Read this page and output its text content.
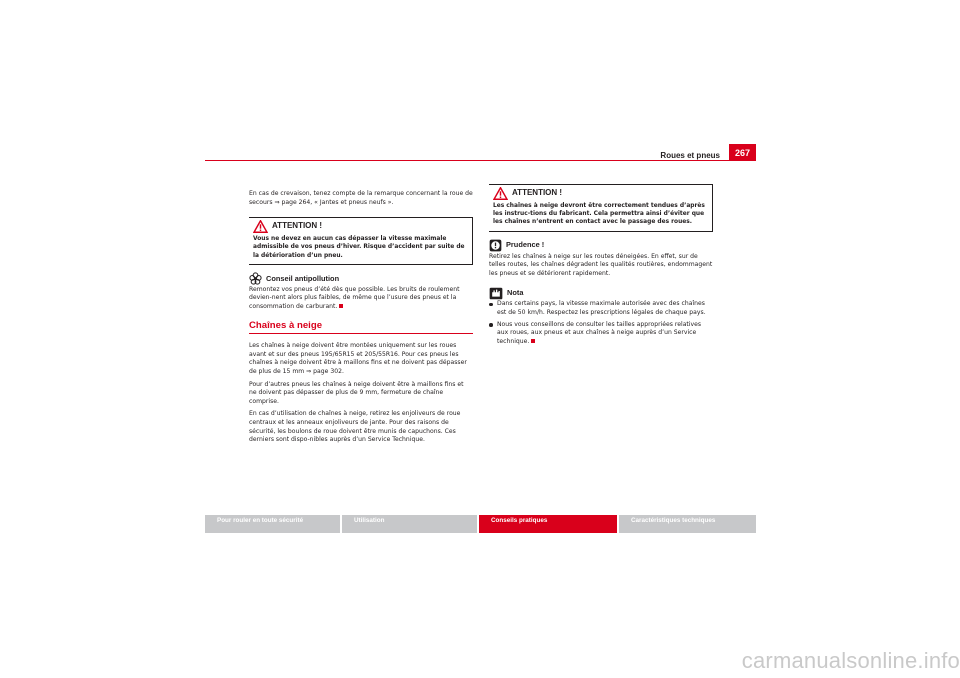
Roues et pneus	267

En cas de crevaison, tenez compte de la remarque concernant la roue de secours ⇒ page 264, « Jantes et pneus neufs ».

ATTENTION !
Vous ne devez en aucun cas dépasser la vitesse maximale admissible de vos pneus d’hiver. Risque d’accident par suite de la détérioration d’un pneu.
Conseil antipollution

Remontez vos pneus d’été dès que possible. Les bruits de roulement devien-nent alors plus faibles, de même que l’usure des pneus et la consommation de carburant.

Chaînes à neige

Les chaînes à neige doivent être montées uniquement sur les roues avant et sur des pneus 195/65R15 et 205/55R16. Pour ces pneus les chaînes à neige doivent être à maillons fins et ne doivent pas dépasser de plus de 15 mm ⇒ page 302.

Pour d’autres pneus les chaînes à neige doivent être à maillons fins et ne doivent pas dépasser de plus de 9 mm, fermeture de chaîne comprise.

En cas d’utilisation de chaînes à neige, retirez les enjoliveurs de roue centraux et les anneaux enjoliveurs de jante. Pour des raisons de sécurité, les boulons de roue doivent être munis de capuchons. Ces derniers sont dispo-nibles auprès d’un Service Technique.

ATTENTION !
Les chaînes à neige devront être correctement tendues d’après les instruc-tions du fabricant. Cela permettra ainsi d’éviter que les chaînes n’entrent en contact avec le passage des roues.
Prudence !

Retirez les chaînes à neige sur les routes déneigées. En effet, sur de telles routes, les chaînes dégradent les qualités routières, endommagent les pneus et se détériorent rapidement.

Nota
Dans certains pays, la vitesse maximale autorisée avec des chaînes est de 50 km/h. Respectez les prescriptions légales de chaque pays.
Nous vous conseillons de consulter les tailles appropriées relatives aux roues, aux pneus et aux chaînes à neige auprès d’un Service technique.
Pour rouler en toute sécurité	Utilisation	Conseils pratiques	Caractéristiques techniques
carmanualsonline.info
